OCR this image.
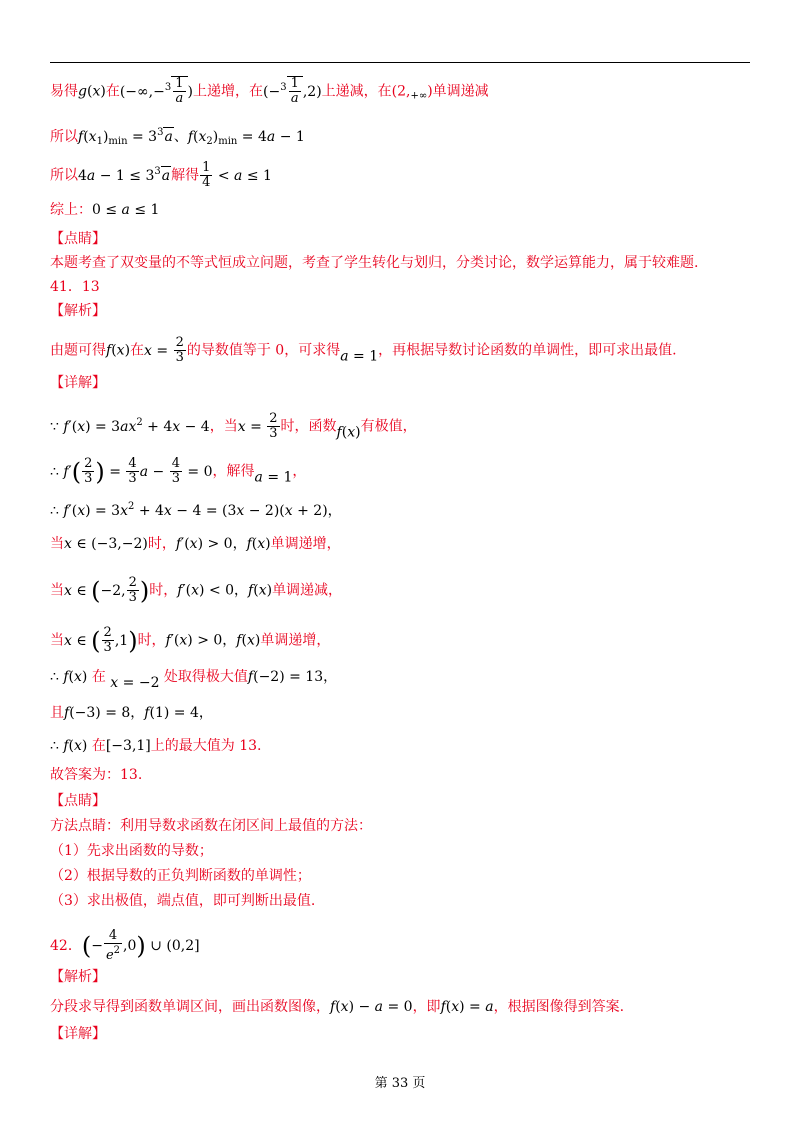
易得g(x)在($-\infty,-^3 \frac{1}{a}$ )上递增，在$(-^3 \frac{1}{a} ,2)$上递减，在$(2,_{+\infty})$单调递减
所以$f(x_1)_{min} = 3^3a$、$f(x_2)_{min} = 4a - 1$
所以$4a - 1 \le 3^3a$解得 $\frac{1}{4} < a \le 1$
综上：0 ≤ a ≤ 1
【点睛】
本题考查了双变量的不等式恒成立问题，考查了学生转化与划归，分类讨论，数学运算能力，属于较难题.
41．13
【解析】
由题可得f(x)在$x = \frac{2}{3}$ 的导数值等于 0，可求得a = 1，再根据导数讨论函数的单调性，即可求出最值.
【详解】
∵ $f'(x) = 3ax^2 + 4x - 4$，当$x = \frac{2}{3}$ 时，函数f(x)有极值，
∴ $f'( \frac{2}{3}$ ) = $\frac{4}{3}$ $a - \frac{4}{3} = 0$，解得a = 1，
∴ $f'(x) = 3x^2 + 4x - 4 = (3x - 2)(x + 2)$，
当x ∈ (−3,−2)时，f′(x) > 0，f(x)单调递增，
当x ∈ (−2, $\frac{2}{3}$ )时，f′(x) < 0，f(x)单调递减，
当x ∈ ( $\frac{2}{3} ,1$)时，f′(x) > 0，f(x)单调递增，
∴ f(x) 在 x = −2 处取得极大值f(−2) = 13，
且f(−3) = 8，f(1) = 4，
∴ f(x) 在[−3,1]上的最大值为 13.
故答案为：13.
【点睛】
方法点睛：利用导数求函数在闭区间上最值的方法：
（1）先求出函数的导数；
（2）根据导数的正负判断函数的单调性；
（3）求出极值，端点值，即可判断出最值.
42．(− $\frac{4}{e^2} ,0$) ∪ (0,2]
【解析】
分段求导得到函数单调区间，画出函数图像，f(x) − a = 0，即f(x) = a，根据图像得到答案.
【详解】
第 33 页
